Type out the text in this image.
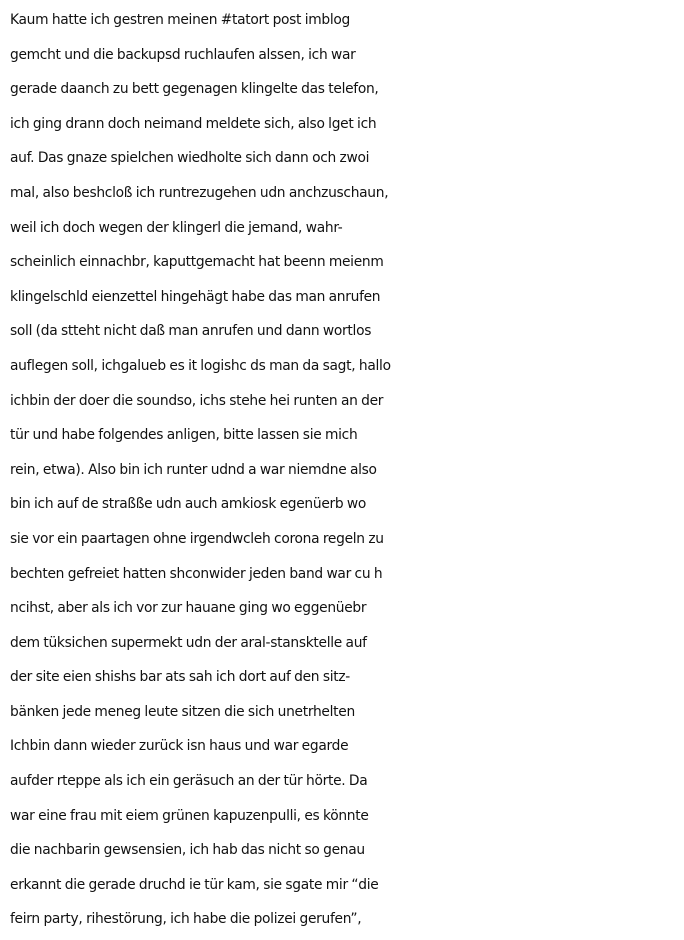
Kaum hatte ich gestren meinen #tatort post imblog
gemcht und die backupsd ruchlaufen alssen, ich war
gerade daanch zu bett gegenagen klingelte das telefon,
ich ging drann doch neimand meldete sich, also lget ich
auf. Das gnaze spielchen wiedholte sich dann och zwoi
mal, also beshcloß ich runtrezugehen udn anchzuschaun,
weil ich doch wegen der klingerl die jemand, wahr-
scheinlich einnachbr, kaputtgemacht hat beenn meienm
klingelschld eienzettel hingehägt habe das man anrufen
soll (da stteht nicht daß man anrufen und dann wortlos
auflegen soll, ichgalueb es it logishc ds man da sagt, hallo
ichbin der doer die soundso, ichs stehe hei runten an der
tür und habe folgendes anligen, bitte lassen sie mich
rein, etwa). Also bin ich runter udnd a war niemdne also
bin ich auf de straßße udn auch amkiosk egenüerb wo
sie vor ein paartagen ohne irgendwcleh corona regeln zu
bechten gefreiet hatten shconwider jeden band war cu h
ncihst, aber als ich vor zur hauane ging wo eggenüebr
dem tüksichen supermekt udn der aral-stansktelle auf
der site eien shishs bar ats sah ich dort auf den sitz-
bänken jede meneg leute sitzen die sich unetrhelten
Ichbin dann wieder zurück isn haus und war egarde
aufder rteppe als ich ein geräsuch an der tür hörte. Da
war eine frau mit eiem grünen kapuzenpulli, es könnte
die nachbarin gewsensien, ich hab das nicht so genau
erkannt die gerade druchd ie tür kam, sie sgate mir “die
feirn party, rihestörung, ich habe die polizei gerufen”,
